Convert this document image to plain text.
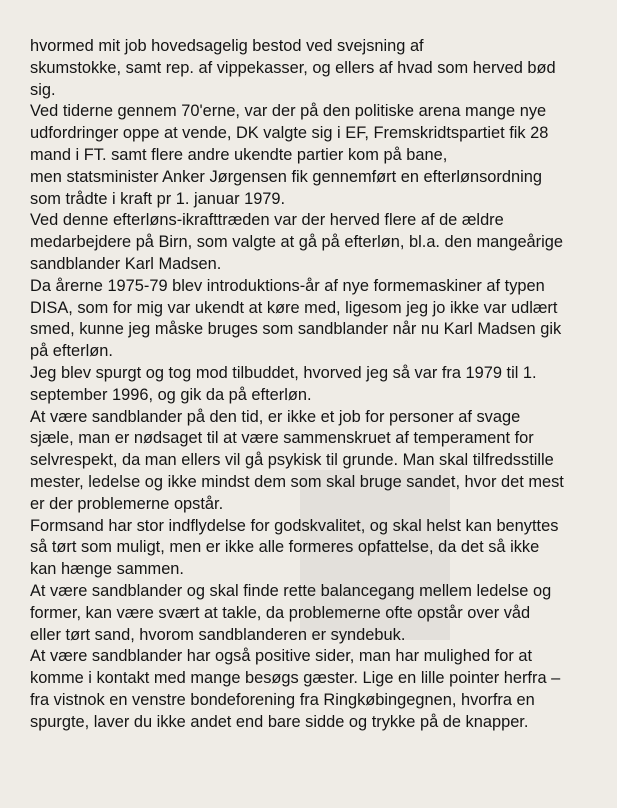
hvormed mit job hovedsagelig bestod ved svejsning af
skumstokke, samt rep. af vippekasser, og ellers af hvad som herved bød
sig.
Ved tiderne gennem 70'erne, var der på den politiske arena mange nye
udfordringer oppe at vende, DK valgte sig i EF, Fremskridtspartiet fik 28
mand i FT. samt flere andre ukendte partier kom på bane,
men statsminister Anker Jørgensen fik gennemført en efterlønsordning
som trådte i kraft pr 1. januar 1979.
Ved denne efterløns-ikrafttræden var der herved flere af de ældre
medarbejdere på Birn, som valgte at gå på efterløn, bl.a. den mangeårige
sandblander Karl Madsen.
Da årerne 1975-79 blev introduktions-år af nye formemaskiner af typen
DISA, som for mig var ukendt at køre med, ligesom jeg jo ikke var udlært
smed, kunne jeg måske bruges som sandblander når nu Karl Madsen gik
på efterløn.
Jeg blev spurgt og tog mod tilbuddet, hvorved jeg så var fra 1979 til 1.
september 1996, og gik da på efterløn.
At være sandblander på den tid, er ikke et job for personer af svage
sjæle, man er nødsaget til at være sammenskruet af temperament for
selvrespekt, da man ellers vil gå psykisk til grunde. Man skal tilfredsstille
mester, ledelse og ikke mindst dem som skal bruge sandet, hvor det mest
er der problemerne opstår.
Formsand har stor indflydelse for godskvalitet, og skal helst kan benyttes
så tørt som muligt, men er ikke alle formeres opfattelse, da det så ikke
kan hænge sammen.
At være sandblander og skal finde rette balancegang mellem ledelse og
former, kan være svært at takle, da problemerne ofte opstår over våd
eller tørt sand, hvorom sandblanderen er syndebuk.
At være sandblander har også positive sider, man har mulighed for at
komme i kontakt med mange besøgs gæster. Lige en lille pointer herfra –
fra vistnok en venstre bondeforening fra Ringkøbingegnen, hvorfra en
spurgte, laver du ikke andet end bare sidde og trykke på de knapper.
